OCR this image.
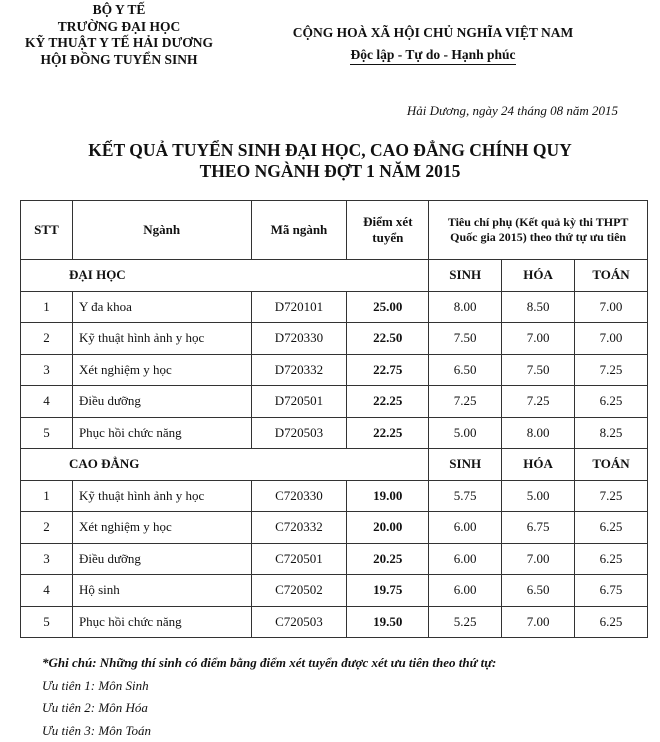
BỘ Y TẾ
TRƯỜNG ĐẠI HỌC
KỸ THUẬT Y TẾ HẢI DƯƠNG
HỘI ĐỒNG TUYỂN SINH
CỘNG HOÀ XÃ HỘI CHỦ NGHĨA VIỆT NAM
Độc lập - Tự do - Hạnh phúc
Hải Dương, ngày 24 tháng 08 năm 2015
KẾT QUẢ TUYỂN SINH ĐẠI HỌC, CAO ĐẲNG CHÍNH QUY
THEO NGÀNH ĐỢT 1 NĂM 2015
STT	Ngành	Mã ngành	Điểm xét tuyển	Tiêu chí phụ (Kết quả kỳ thi THPT Quốc gia 2015) theo thứ tự ưu tiên		
ĐẠI HỌC				SINH	HÓA	TOÁN
1	Y đa khoa	D720101	25.00	8.00	8.50	7.00
2	Kỹ thuật hình ảnh y học	D720330	22.50	7.50	7.00	7.00
3	Xét nghiệm y học	D720332	22.75	6.50	7.50	7.25
4	Điều dưỡng	D720501	22.25	7.25	7.25	6.25
5	Phục hồi chức năng	D720503	22.25	5.00	8.00	8.25
CAO ĐẲNG				SINH	HÓA	TOÁN
1	Kỹ thuật hình ảnh y học	C720330	19.00	5.75	5.00	7.25
2	Xét nghiệm y học	C720332	20.00	6.00	6.75	6.25
3	Điều dưỡng	C720501	20.25	6.00	7.00	6.25
4	Hộ sinh	C720502	19.75	6.00	6.50	6.75
5	Phục hồi chức năng	C720503	19.50	5.25	7.00	6.25
*Ghi chú: Những thí sinh có điểm bằng điểm xét tuyển được xét ưu tiên theo thứ tự:
Ưu tiên 1: Môn Sinh
Ưu tiên 2: Môn Hóa
Ưu tiên 3: Môn Toán
